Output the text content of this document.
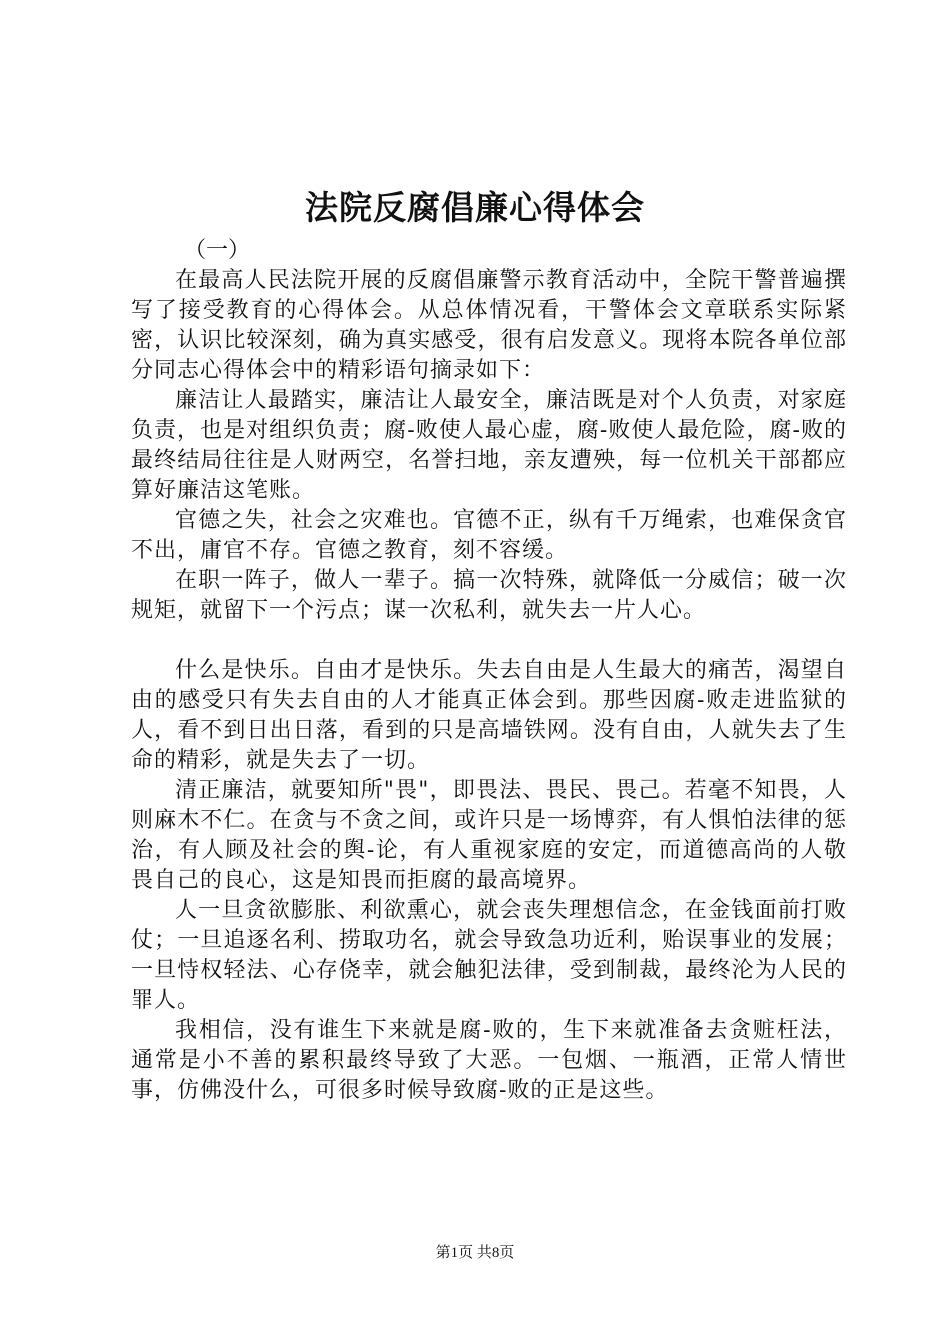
法院反腐倡廉心得体会
（一）

在最高人民法院开展的反腐倡廉警示教育活动中，全院干警普遍撰写了接受教育的心得体会。从总体情况看，干警体会文章联系实际紧密，认识比较深刻，确为真实感受，很有启发意义。现将本院各单位部分同志心得体会中的精彩语句摘录如下：

廉洁让人最踏实，廉洁让人最安全，廉洁既是对个人负责，对家庭负责，也是对组织负责；腐-败使人最心虚，腐-败使人最危险，腐-败的最终结局往往是人财两空，名誉扫地，亲友遭殃，每一位机关干部都应算好廉洁这笔账。

官德之失，社会之灾难也。官德不正，纵有千万绳索，也难保贪官不出，庸官不存。官德之教育，刻不容缓。

在职一阵子，做人一辈子。搞一次特殊，就降低一分威信；破一次规矩，就留下一个污点；谋一次私利，就失去一片人心。

什么是快乐。自由才是快乐。失去自由是人生最大的痛苦，渴望自由的感受只有失去自由的人才能真正体会到。那些因腐-败走进监狱的人，看不到日出日落，看到的只是高墙铁网。没有自由，人就失去了生命的精彩，就是失去了一切。

清正廉洁，就要知所"畏"，即畏法、畏民、畏己。若毫不知畏，人则麻木不仁。在贪与不贪之间，或许只是一场博弈，有人惧怕法律的惩治，有人顾及社会的舆-论，有人重视家庭的安定，而道德高尚的人敬畏自己的良心，这是知畏而拒腐的最高境界。

人一旦贪欲膨胀、利欲熏心，就会丧失理想信念，在金钱面前打败仗；一旦追逐名利、捞取功名，就会导致急功近利，贻误事业的发展；一旦恃权轻法、心存侥幸，就会触犯法律，受到制裁，最终沦为人民的罪人。

我相信，没有谁生下来就是腐-败的，生下来就准备去贪赃枉法，通常是小不善的累积最终导致了大恶。一包烟、一瓶酒，正常人情世事，仿佛没什么，可很多时候导致腐-败的正是这些。

第1页 共8页
